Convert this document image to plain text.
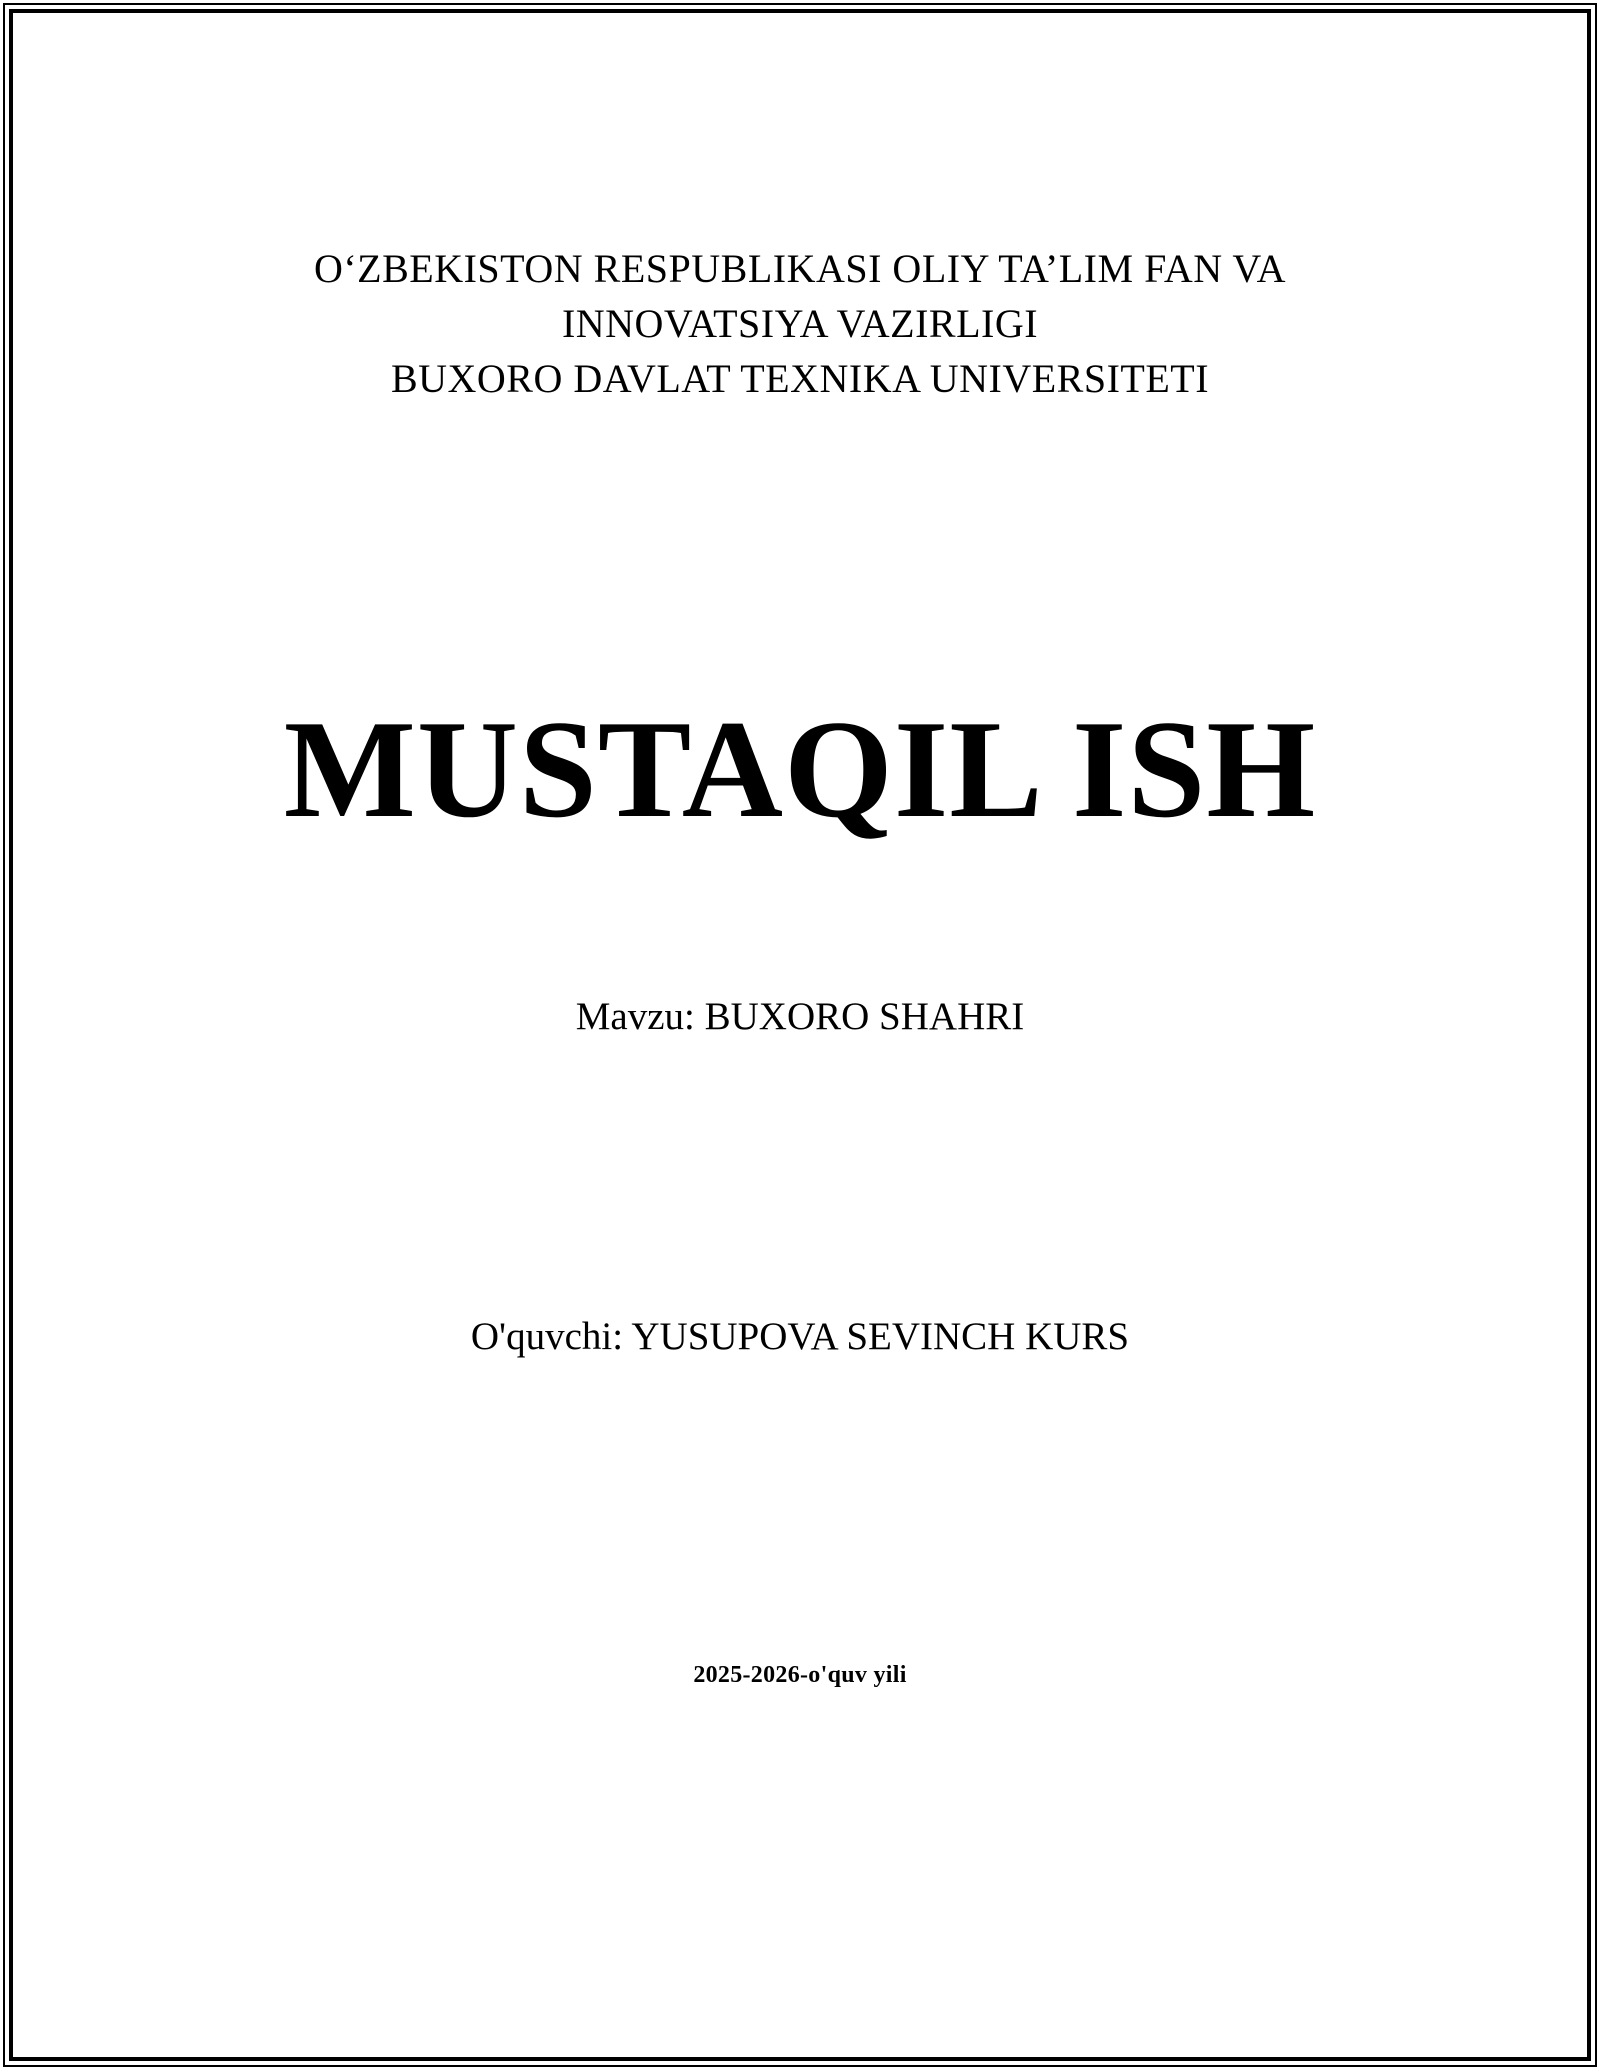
OʻZBEKISTON RESPUBLIKASI OLIY TA’LIM FAN VA
INNOVATSIYA VAZIRLIGI
BUXORO DAVLAT TEXNIKA UNIVERSITETI
MUSTAQIL ISH
Mavzu: BUXORO SHAHRI
O'quvchi: YUSUPOVA SEVINCH KURS
2025-2026-o'quv yili
